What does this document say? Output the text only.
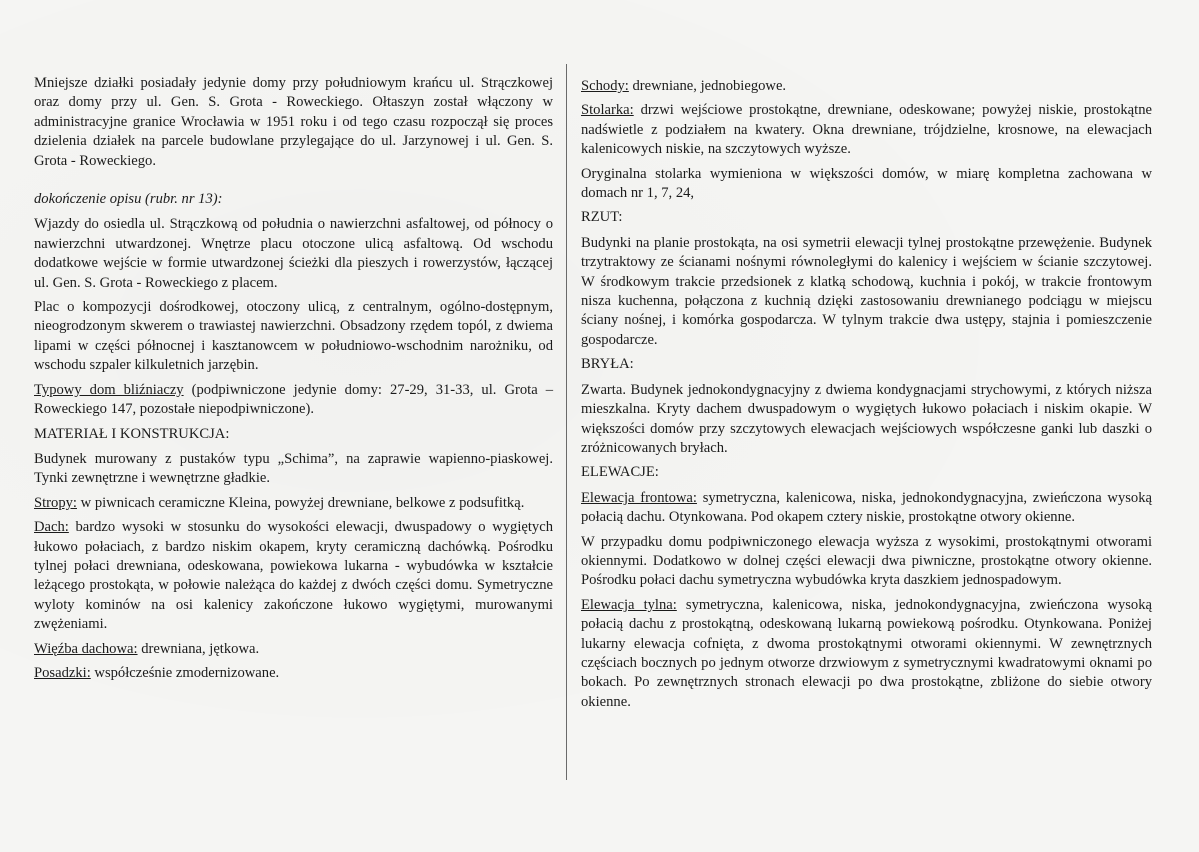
Mniejsze działki posiadały jedynie domy przy południowym krańcu ul. Strączkowej oraz domy przy ul. Gen. S. Grota - Roweckiego. Ołtaszyn został włączony w administracyjne granice Wrocławia w 1951 roku i od tego czasu rozpoczął się proces dzielenia działek na parcele budowlane przylegające do ul. Jarzynowej i ul. Gen. S. Grota - Roweckiego.

dokończenie opisu (rubr. nr 13):

Wjazdy do osiedla ul. Strączkową od południa o nawierzchni asfaltowej, od północy o nawierzchni utwardzonej. Wnętrze placu otoczone ulicą asfaltową. Od wschodu dodatkowe wejście w formie utwardzonej ścieżki dla pieszych i rowerzystów, łączącej ul. Gen. S. Grota - Roweckiego z placem.

Plac o kompozycji dośrodkowej, otoczony ulicą, z centralnym, ogólno-dostępnym, nieogrodzonym skwerem o trawiastej nawierzchni. Obsadzony rzędem topól, z dwiema lipami w części północnej i kasztanowcem w południowo-wschodnim narożniku, od wschodu szpaler kilkuletnich jarzębin.

Typowy dom bliźniaczy (podpiwniczone jedynie domy: 27-29, 31-33, ul. Grota –Roweckiego 147, pozostałe niepodpiwniczone).

MATERIAŁ I KONSTRUKCJA:

Budynek murowany z pustaków typu „Schima”, na zaprawie wapienno-piaskowej. Tynki zewnętrzne i wewnętrzne gładkie.

Stropy: w piwnicach ceramiczne Kleina, powyżej drewniane, belkowe z podsufitką.

Dach: bardzo wysoki w stosunku do wysokości elewacji, dwuspadowy o wygiętych łukowo połaciach, z bardzo niskim okapem, kryty ceramiczną dachówką. Pośrodku tylnej połaci drewniana, odeskowana, powiekowa lukarna - wybudówka w kształcie leżącego prostokąta, w połowie należąca do każdej z dwóch części domu. Symetryczne wyloty kominów na osi kalenicy zakończone łukowo wygiętymi, murowanymi zwężeniami.

Więźba dachowa: drewniana, jętkowa.

Posadzki: współcześnie zmodernizowane.

Schody: drewniane, jednobiegowe.

Stolarka: drzwi wejściowe prostokątne, drewniane, odeskowane; powyżej niskie, prostokątne nadświetle z podziałem na kwatery. Okna drewniane, trójdzielne, krosnowe, na elewacjach kalenicowych niskie, na szczytowych wyższe.

Oryginalna stolarka wymieniona w większości domów, w miarę kompletna zachowana w domach nr 1, 7, 24,

RZUT:

Budynki na planie prostokąta, na osi symetrii elewacji tylnej prostokątne przewężenie. Budynek trzytraktowy ze ścianami nośnymi równoległymi do kalenicy i wejściem w ścianie szczytowej. W środkowym trakcie przedsionek z klatką schodową, kuchnia i pokój, w trakcie frontowym nisza kuchenna, połączona z kuchnią dzięki zastosowaniu drewnianego podciągu w miejscu ściany nośnej, i komórka gospodarcza. W tylnym trakcie dwa ustępy, stajnia i pomieszczenie gospodarcze.

BRYŁA:

Zwarta. Budynek jednokondygnacyjny z dwiema kondygnacjami strychowymi, z których niższa mieszkalna. Kryty dachem dwuspadowym o wygiętych łukowo połaciach i niskim okapie. W większości domów przy szczytowych elewacjach wejściowych współczesne ganki lub daszki o zróżnicowanych bryłach.

ELEWACJE:

Elewacja frontowa: symetryczna, kalenicowa, niska, jednokondygnacyjna, zwieńczona wysoką połacią dachu. Otynkowana. Pod okapem cztery niskie, prostokątne otwory okienne.

W przypadku domu podpiwniczonego elewacja wyższa z wysokimi, prostokątnymi otworami okiennymi. Dodatkowo w dolnej części elewacji dwa piwniczne, prostokątne otwory okienne. Pośrodku połaci dachu symetryczna wybudówka kryta daszkiem jednospadowym.

Elewacja tylna: symetryczna, kalenicowa, niska, jednokondygnacyjna, zwieńczona wysoką połacią dachu z prostokątną, odeskowaną lukarną powiekową pośrodku. Otynkowana. Poniżej lukarny elewacja cofnięta, z dwoma prostokątnymi otworami okiennymi. W zewnętrznych częściach bocznych po jednym otworze drzwiowym z symetrycznymi kwadratowymi oknami po bokach. Po zewnętrznych stronach elewacji po dwa prostokątne, zbliżone do siebie otwory okienne.
